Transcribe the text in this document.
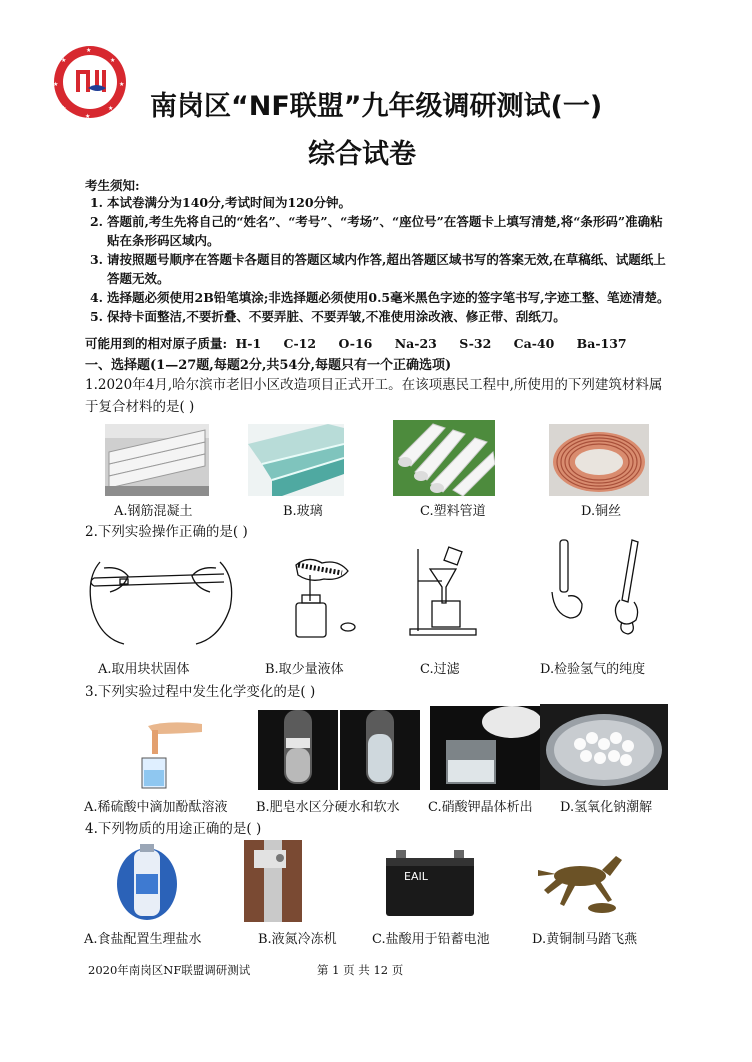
★
★
★
★
★
★
★
★
南岗区“NF联盟”九年级调研测试(一)
综合试卷
考生须知:
1. 本试卷满分为140分,考试时间为120分钟。
2. 答题前,考生先将自己的“姓名”、“考号”、“考场”、“座位号”在答题卡上填写清楚,将“条形码”准确粘贴在条形码区域内。
3. 请按照题号顺序在答题卡各题目的答题区域内作答,超出答题区域书写的答案无效,在草稿纸、试题纸上答题无效。
4. 选择题必须使用2B铅笔填涂;非选择题必须使用0.5毫米黑色字迹的签字笔书写,字迹工整、笔迹清楚。
5. 保持卡面整洁,不要折叠、不要弄脏、不要弄皱,不准使用涂改液、修正带、刮纸刀。
可能用到的相对原子质量: H-1 C-12 O-16 Na-23 S-32 Ca-40 Ba-137
一、选择题(1—27题,每题2分,共54分,每题只有一个正确选项)
1.2020年4月,哈尔滨市老旧小区改造项目正式开工。在该项惠民工程中,所使用的下列建筑材料属于复合材料的是( )
A.钢筋混凝土	B.玻璃	C.塑料管道	D.铜丝
2.下列实验操作正确的是( )
A.取用块状固体	B.取少量液体	C.过滤	D.检验氢气的纯度
3.下列实验过程中发生化学变化的是( )
A.稀硫酸中滴加酚酞溶液 B.肥皂水区分硬水和软水 C.硝酸钾晶体析出 D.氢氧化钠潮解
4.下列物质的用途正确的是( )
EAIL
A.食盐配置生理盐水	B.液氮冷冻机	C.盐酸用于铅蓄电池	D.黄铜制马踏飞燕
2020年南岗区NF联盟调研测试	第 1 页 共 12 页
